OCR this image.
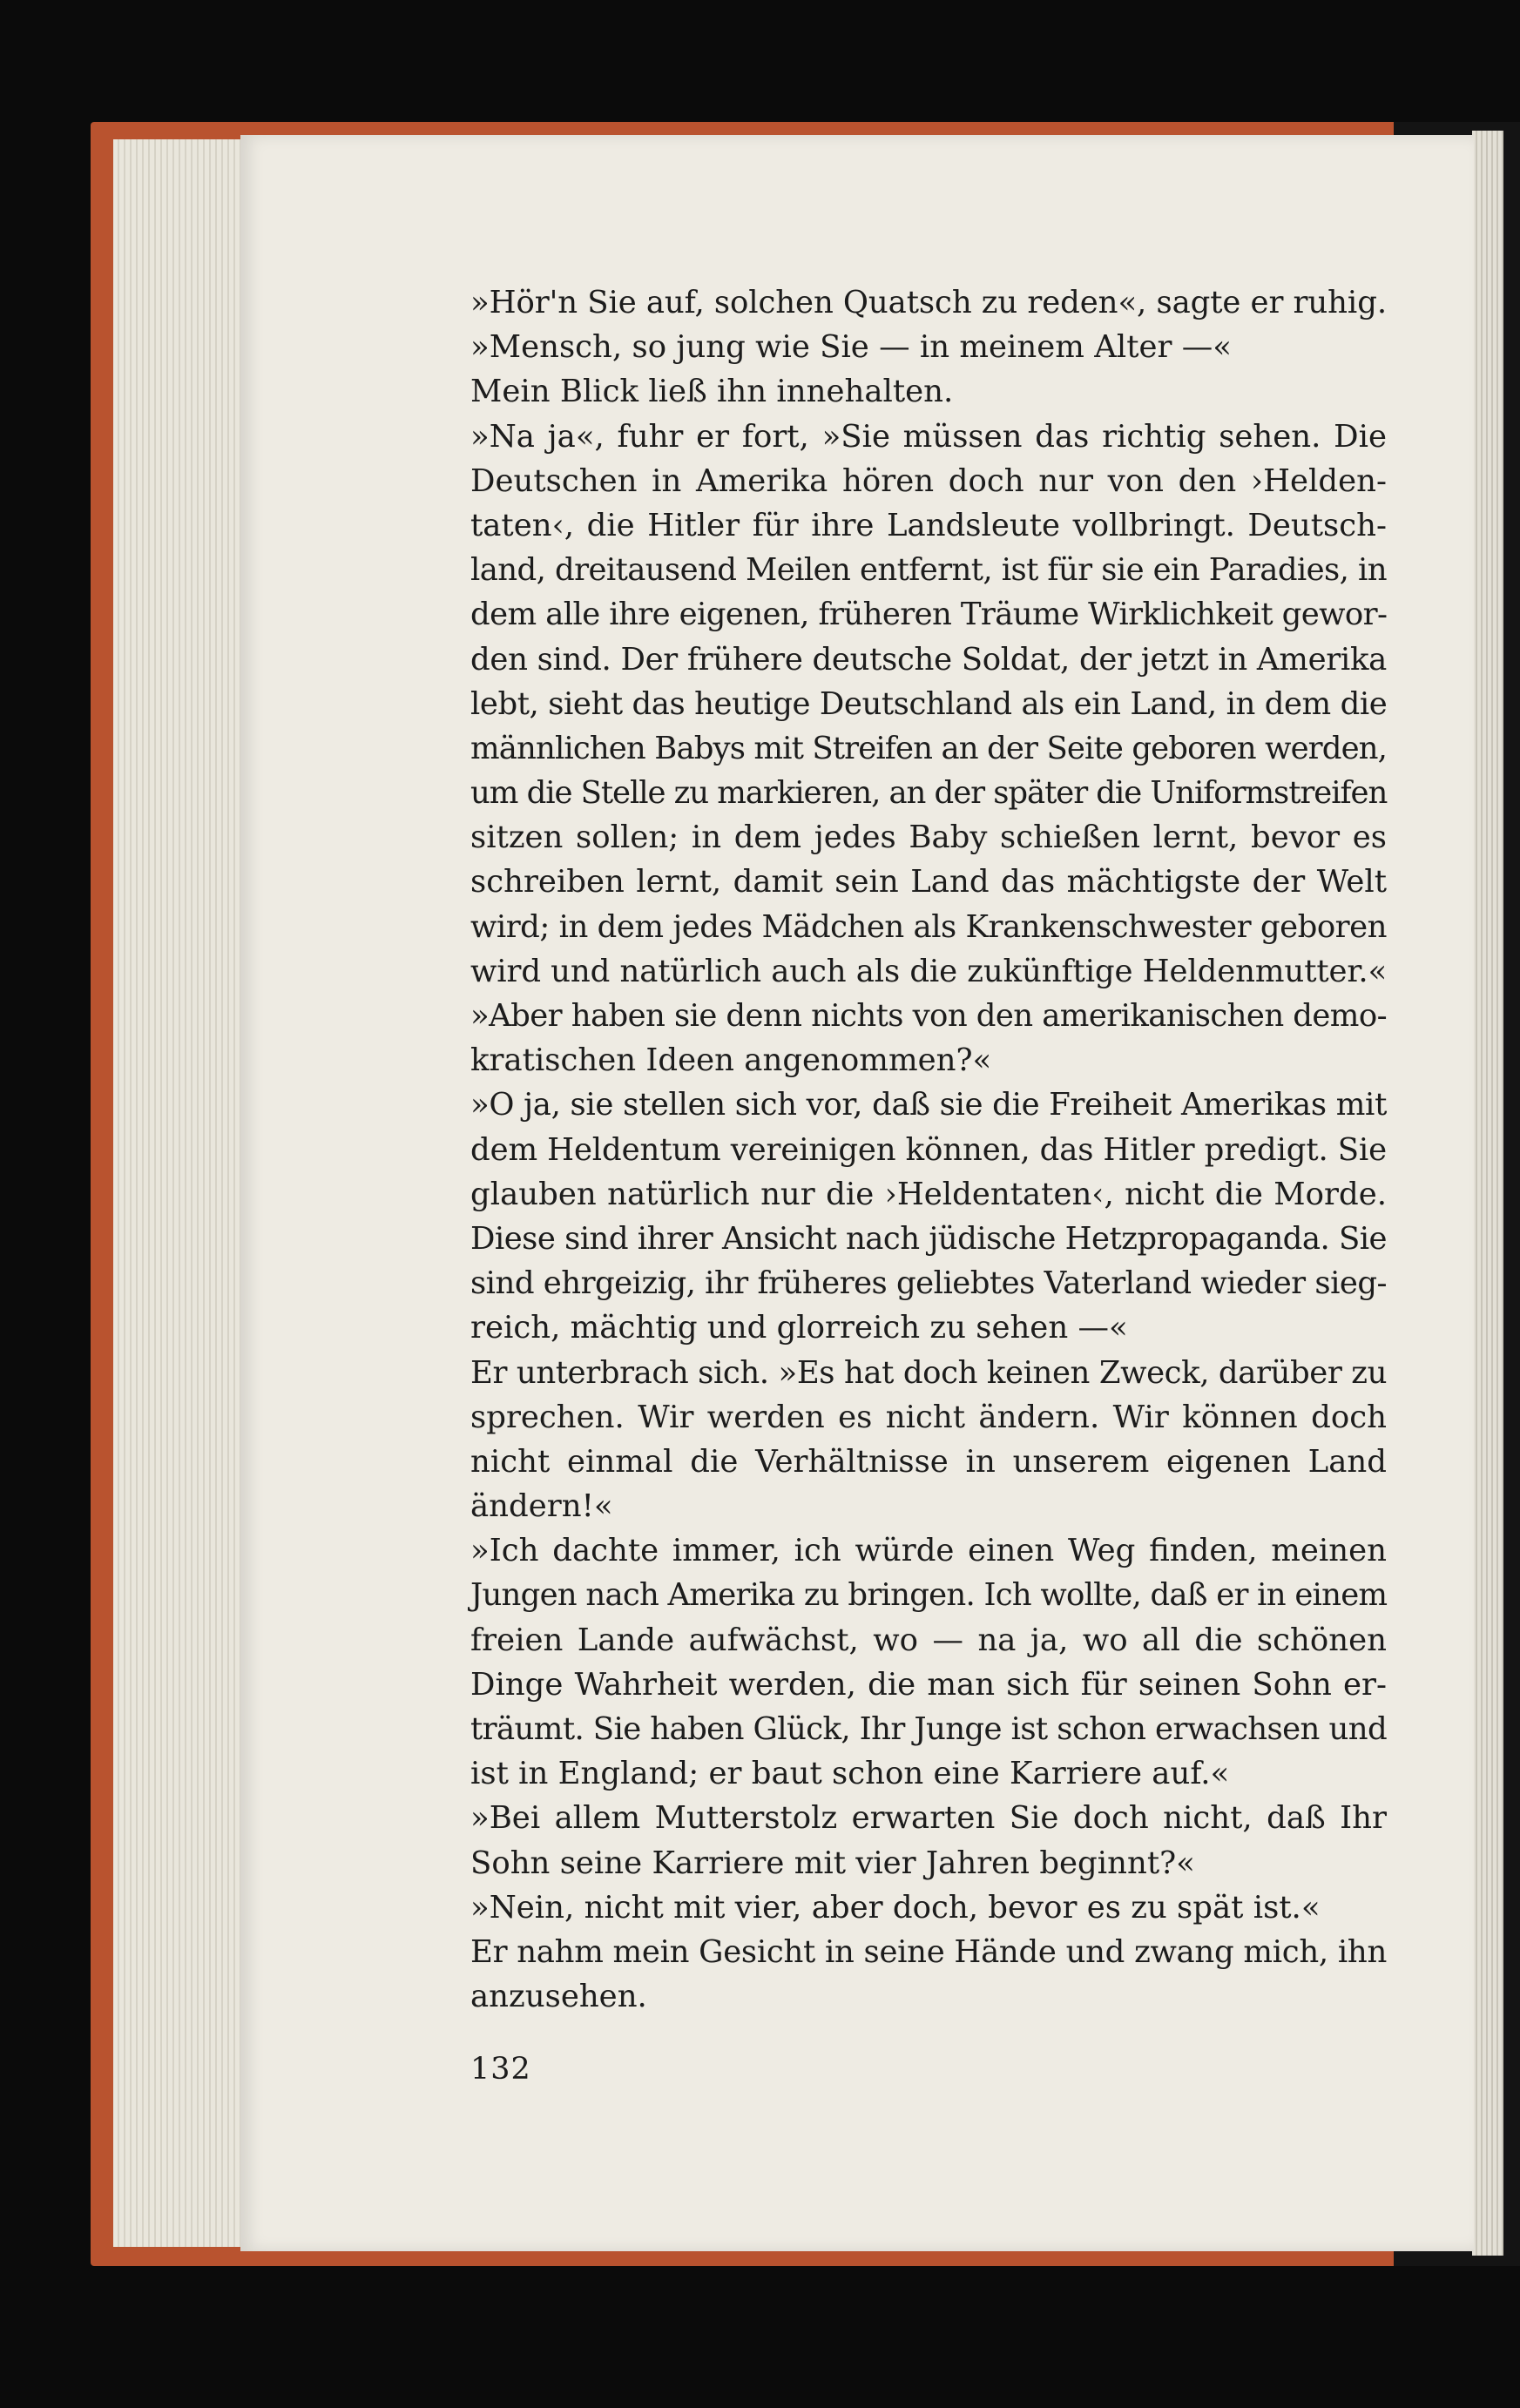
»Hör'n Sie auf, solchen Quatsch zu reden«, sagte er ruhig.
»Mensch, so jung wie Sie — in meinem Alter —«
Mein Blick ließ ihn innehalten.
»Na ja«, fuhr er fort, »Sie müssen das richtig sehen. Die
Deutschen in Amerika hören doch nur von den ›Helden-
taten‹, die Hitler für ihre Landsleute vollbringt. Deutsch-
land, dreitausend Meilen entfernt, ist für sie ein Paradies, in
dem alle ihre eigenen, früheren Träume Wirklichkeit gewor-
den sind. Der frühere deutsche Soldat, der jetzt in Amerika
lebt, sieht das heutige Deutschland als ein Land, in dem die
männlichen Babys mit Streifen an der Seite geboren werden,
um die Stelle zu markieren, an der später die Uniformstreifen
sitzen sollen; in dem jedes Baby schießen lernt, bevor es
schreiben lernt, damit sein Land das mächtigste der Welt
wird; in dem jedes Mädchen als Krankenschwester geboren
wird und natürlich auch als die zukünftige Heldenmutter.«
»Aber haben sie denn nichts von den amerikanischen demo-
kratischen Ideen angenommen?«
»O ja, sie stellen sich vor, daß sie die Freiheit Amerikas mit
dem Heldentum vereinigen können, das Hitler predigt. Sie
glauben natürlich nur die ›Heldentaten‹, nicht die Morde.
Diese sind ihrer Ansicht nach jüdische Hetzpropaganda. Sie
sind ehrgeizig, ihr früheres geliebtes Vaterland wieder sieg-
reich, mächtig und glorreich zu sehen —«
Er unterbrach sich. »Es hat doch keinen Zweck, darüber zu
sprechen. Wir werden es nicht ändern. Wir können doch
nicht einmal die Verhältnisse in unserem eigenen Land
ändern!«
»Ich dachte immer, ich würde einen Weg finden, meinen
Jungen nach Amerika zu bringen. Ich wollte, daß er in einem
freien Lande aufwächst, wo — na ja, wo all die schönen
Dinge Wahrheit werden, die man sich für seinen Sohn er-
träumt. Sie haben Glück, Ihr Junge ist schon erwachsen und
ist in England; er baut schon eine Karriere auf.«
»Bei allem Mutterstolz erwarten Sie doch nicht, daß Ihr
Sohn seine Karriere mit vier Jahren beginnt?«
»Nein, nicht mit vier, aber doch, bevor es zu spät ist.«
Er nahm mein Gesicht in seine Hände und zwang mich, ihn
anzusehen.
132
